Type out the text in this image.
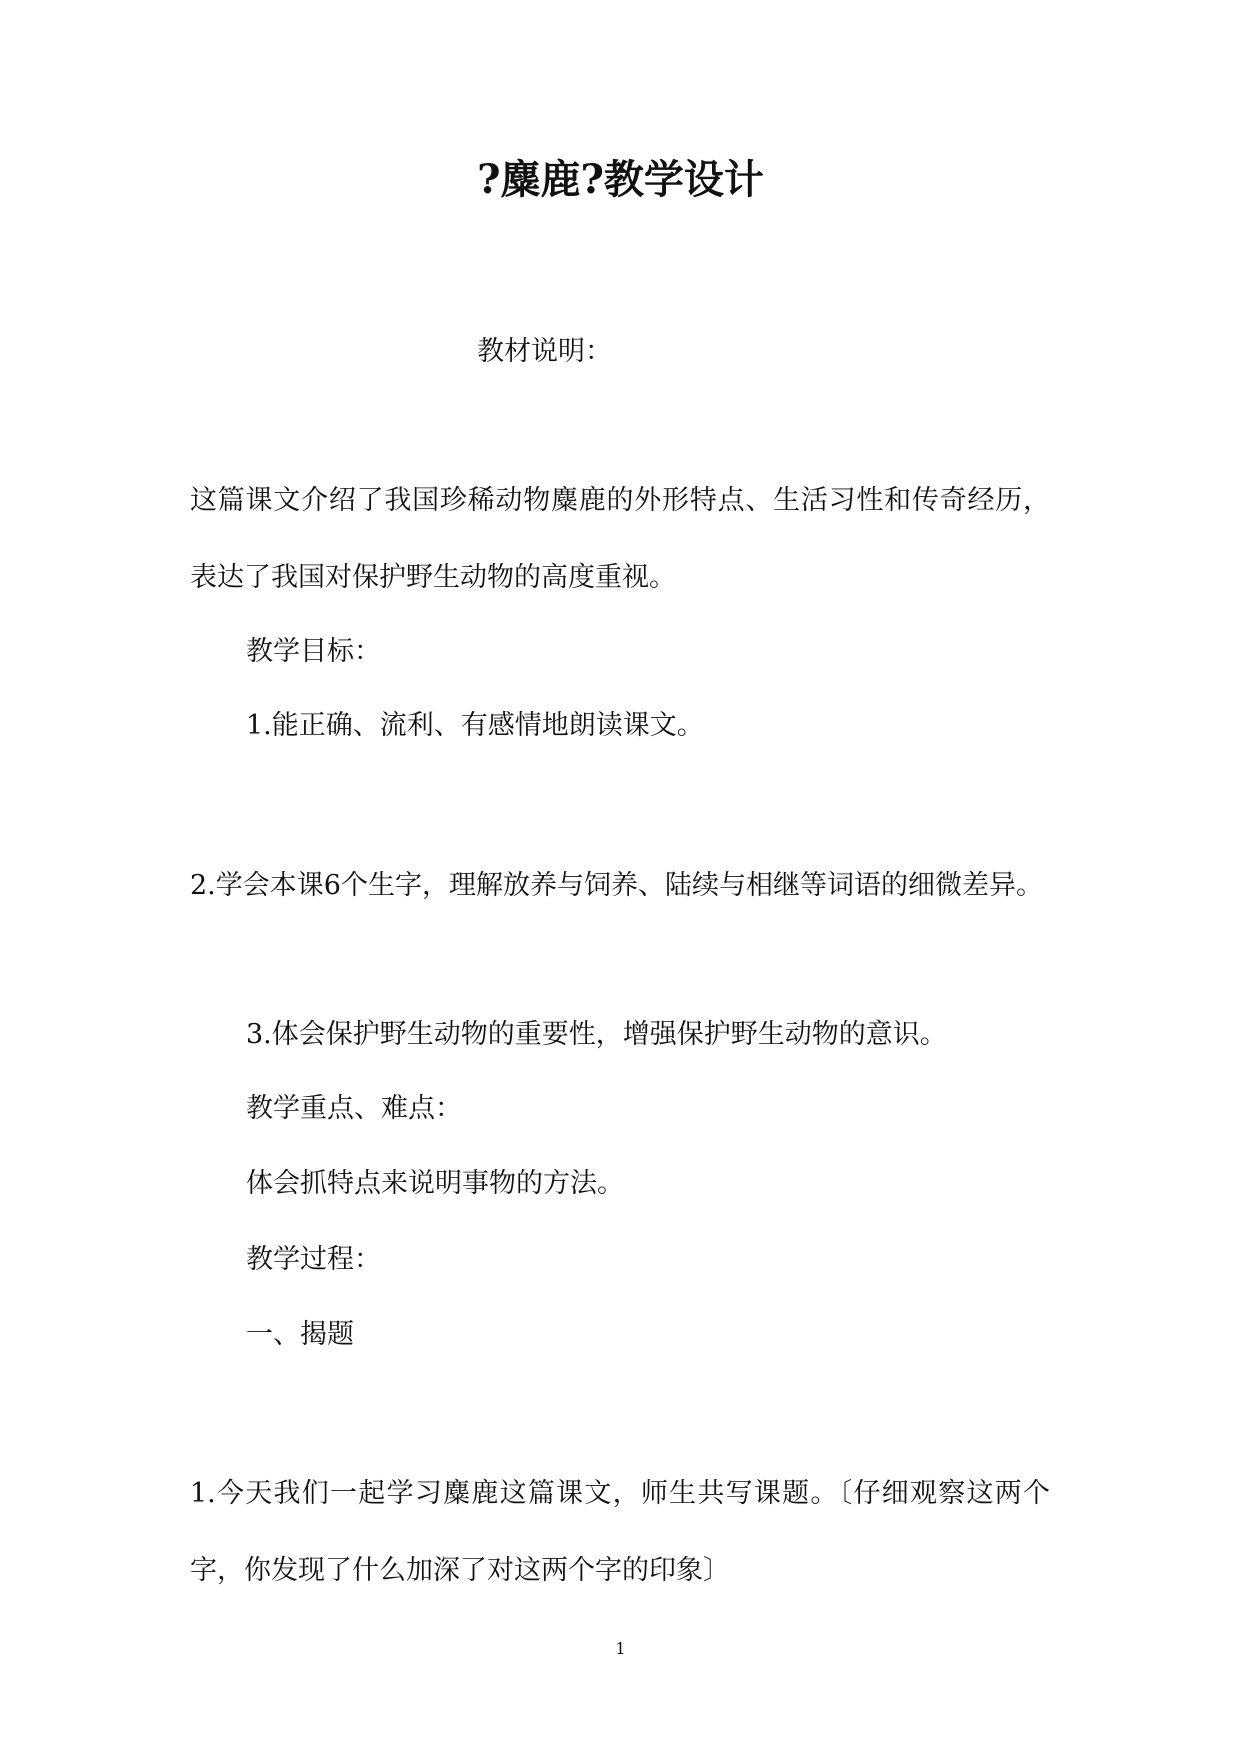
?麋鹿?教学设计

教材说明：

这篇课文介绍了我国珍稀动物麋鹿的外形特点、生活习性和传奇经历，表达了我国对保护野生动物的高度重视。

教学目标：

1.能正确、流利、有感情地朗读课文。

2.学会本课6个生字，理解放养与饲养、陆续与相继等词语的细微差异。

3.体会保护野生动物的重要性，增强保护野生动物的意识。

教学重点、难点：

体会抓特点来说明事物的方法。

教学过程：

一、揭题

1.今天我们一起学习麋鹿这篇课文，师生共写课题。〔仔细观察这两个字，你发现了什么加深了对这两个字的印象〕

1
